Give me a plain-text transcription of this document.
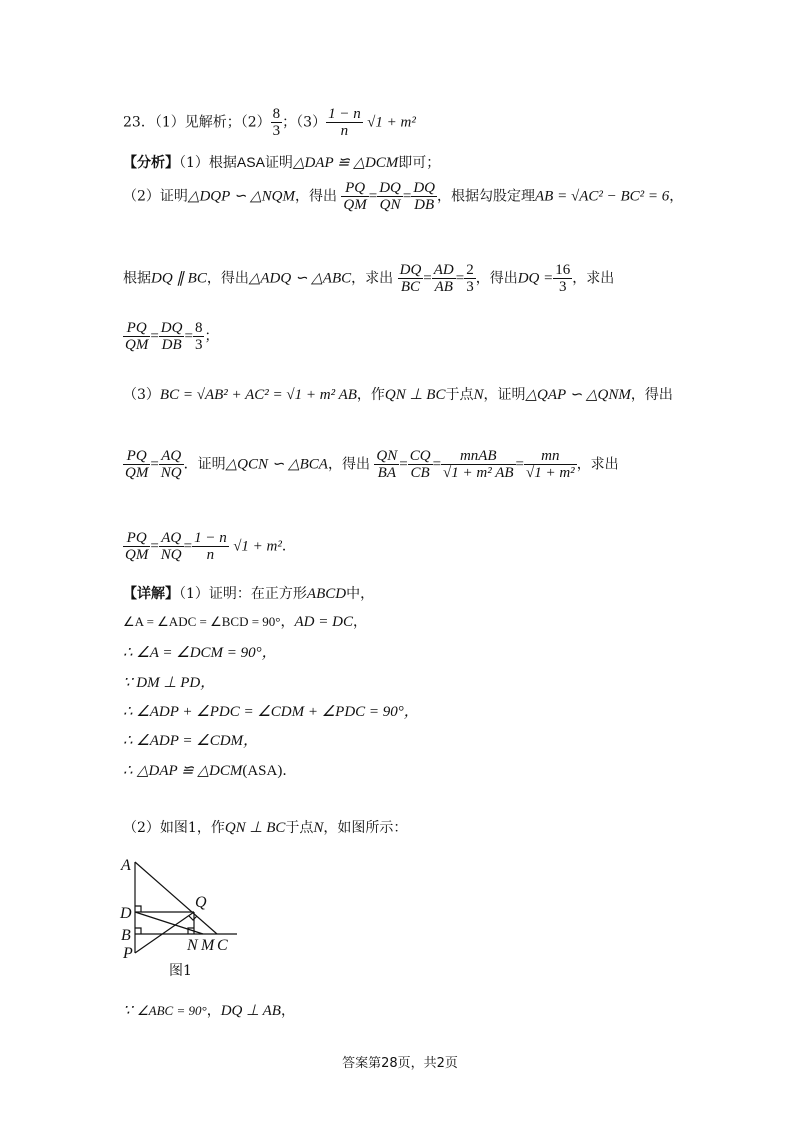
23．（1）见解析；$(2) \frac{8}{3}$ ；$(3) \frac{1 - n}{n} √1 + m^2$
【分析】（1）根据ASA证明△DAP ≌ △DCM即可；
（2）证明△DQP ∽ △NQM，得出 $\frac{PQ}{QM} = \frac{DQ}{QN} = \frac{DQ}{DB}$ ，根据勾股定理AB = √AC² − BC² = 6，
根据DQ ∥ BC，得出△ADQ ∽ △ABC，求出 $\frac{DQ}{BC} = \frac{AD}{AB} = \frac{2}{3}$ ，得出DQ = $\frac{16}{3}$ ，求出
$\frac{PQ}{QM} = \frac{DQ}{DB} = \frac{8}{3}$ ；
（3）BC = √AB² + AC² = √1 + m² AB，作QN ⊥ BC于点N，证明△QAP ∽ △QNM，得出
$\frac{PQ}{QM} = \frac{AQ}{NQ}$ ．证明△QCN ∽ △BCA，得出 $\frac{QN}{BA} = \frac{CQ}{CB} = \frac{\text{mnAB}}{\text{√1 + m² AB}} = \frac{mn}{\text{√1 + m²}}$ ，求出
$\frac{PQ}{QM} = \frac{AQ}{NQ} = \frac{1 - n}{n} √1 + m^2$．
【详解】（1）证明：在正方形ABCD中，
∠A = ∠ADC = ∠BCD = 90°，AD = DC，
∴ ∠A = ∠DCM = 90°，
∵ DM ⊥ PD，
∴ ∠ADP + ∠PDC = ∠CDM + ∠PDC = 90°，
∴ ∠ADP = ∠CDM，
∴ △DAP ≌ △DCM(ASA)．
（2）如图1，作QN ⊥ BC于点N，如图所示：
A
D
Q
B
P	N M C
图1
∵ ∠ABC = 90°，DQ ⊥ AB，
答案第28页，共2页
